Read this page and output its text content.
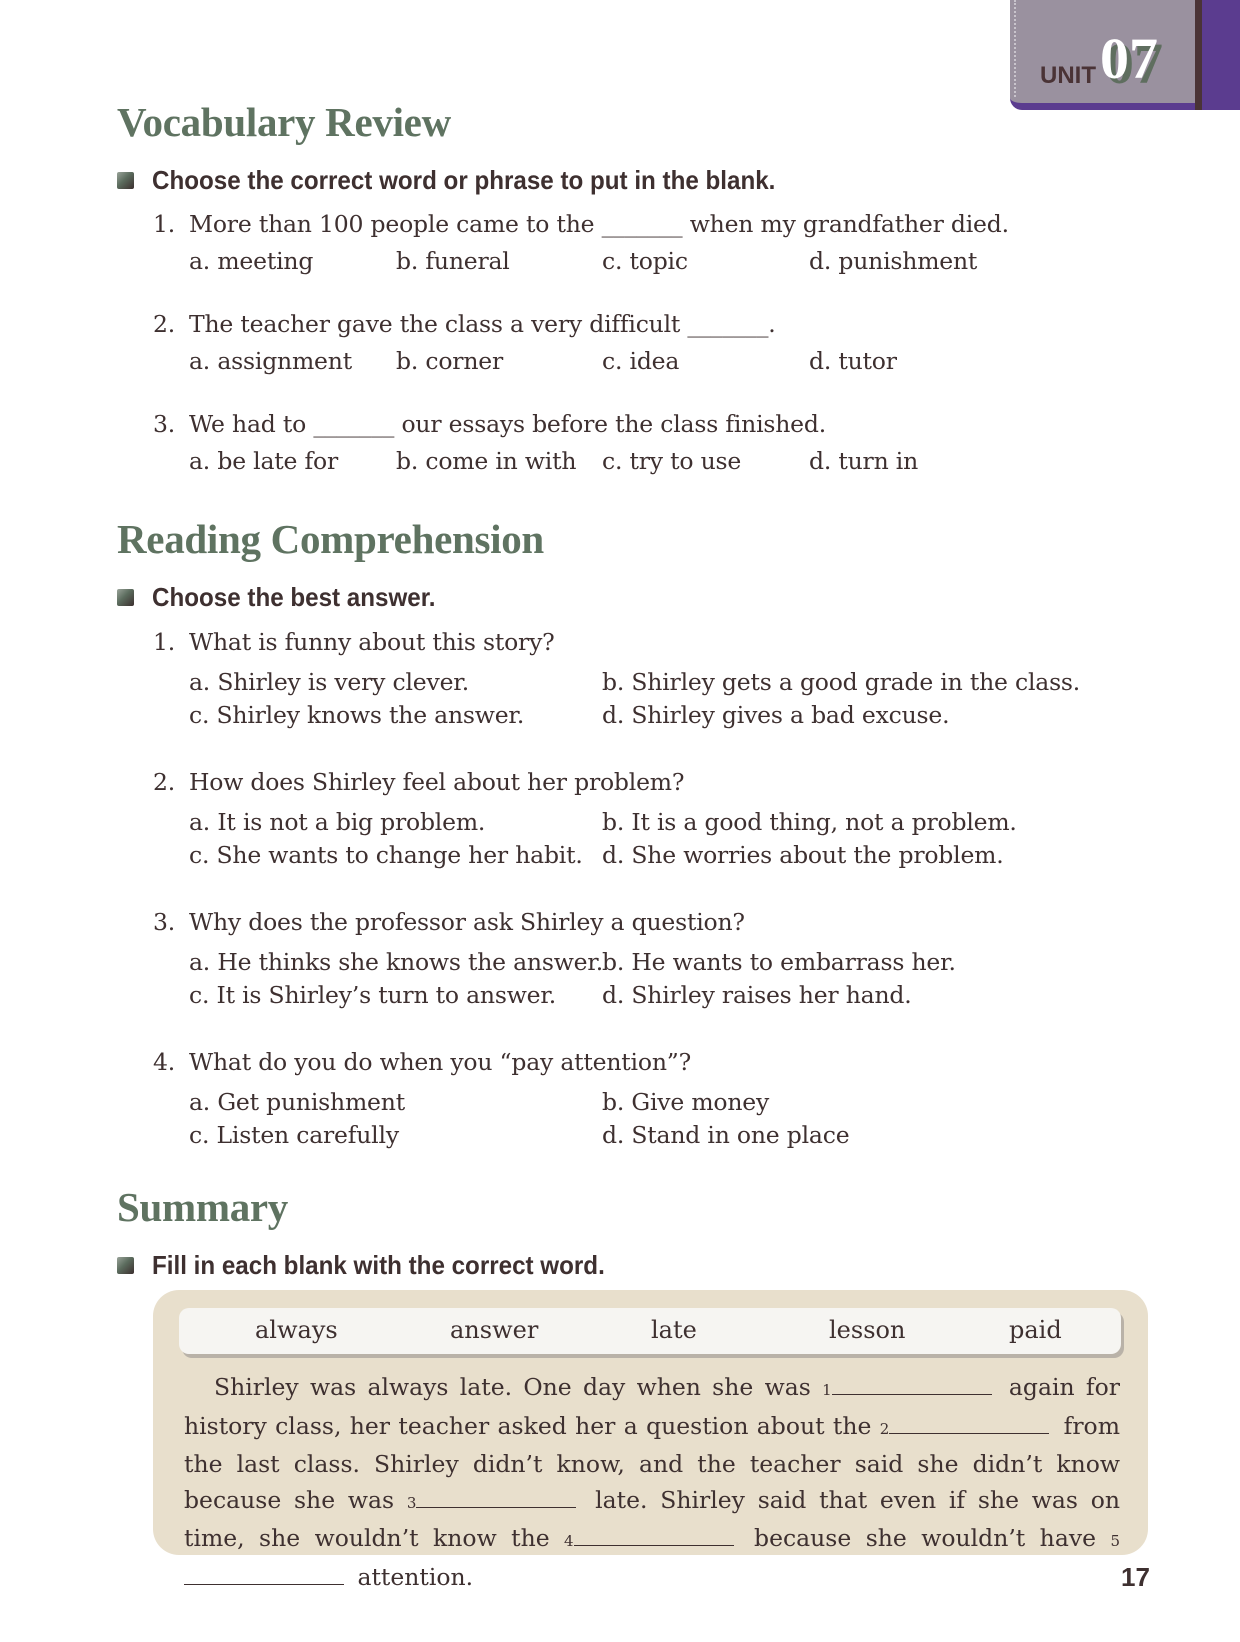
UNIT 07
Vocabulary Review
Choose the correct word or phrase to put in the blank.
1. More than 100 people came to the _______ when my grandfather died.
a. meeting	b. funeral	c. topic	d. punishment
2. The teacher gave the class a very difficult _______.
a. assignment b. corner	c. idea	d. tutor
3. We had to _______ our essays before the class finished.
a. be late for b. come in with c. try to use	d. turn in
Reading Comprehension
Choose the best answer.
1. What is funny about this story?
a. Shirley is very clever.	b. Shirley gets a good grade in the class.
c. Shirley knows the answer.	d. Shirley gives a bad excuse.
2. How does Shirley feel about her problem?
a. It is not a big problem.	b. It is a good thing, not a problem.
c. She wants to change her habit. d. She worries about the problem.
3. Why does the professor ask Shirley a question?
a. He thinks she knows the answer.
b. He wants to embarrass her.
c. It is Shirley’s turn to answer. d. Shirley raises her hand.
4. What do you do when you “pay attention”?
a. Get punishment	b. Give money
c. Listen carefully	d. Stand in one place
Summary
Fill in each blank with the correct word.
always	answer	late	lesson	paid
Shirley was always late. One day when she was 1	again for history class, her teacher asked her a question about the 2	from the last class. Shirley didn’t know, and the teacher said she didn’t know because she was 3	late. Shirley said that even if she was on time, she wouldn’t know the 4	because she wouldn’t have 5 attention.	17
